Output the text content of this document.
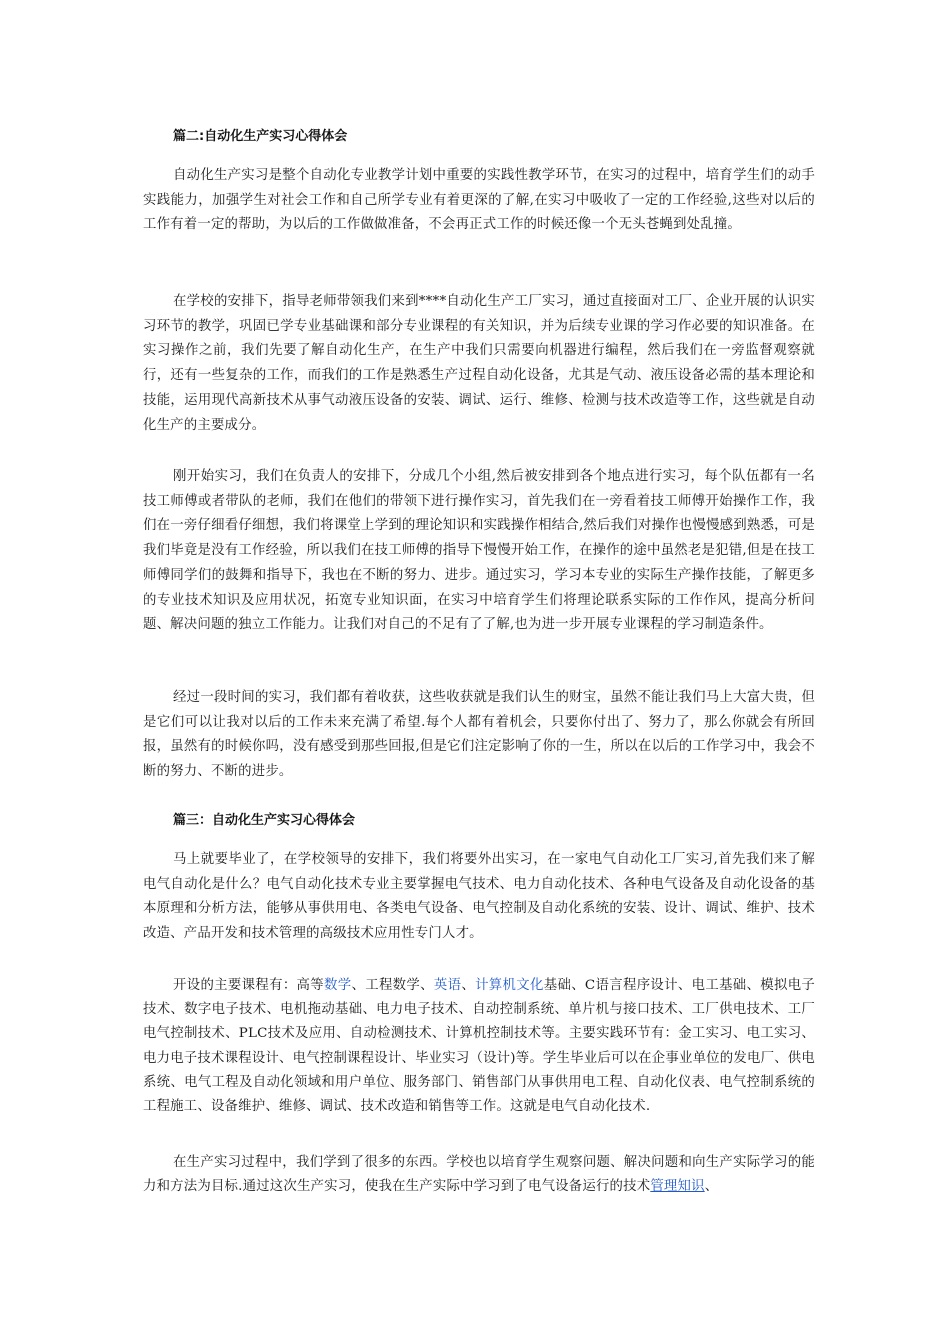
篇二:自动化生产实习心得体会

自动化生产实习是整个自动化专业教学计划中重要的实践性教学环节，在实习的过程中，培育学生们的动手实践能力，加强学生对社会工作和自己所学专业有着更深的了解,在实习中吸收了一定的工作经验,这些对以后的工作有着一定的帮助，为以后的工作做做准备，不会再正式工作的时候还像一个无头苍蝇到处乱撞。

在学校的安排下，指导老师带领我们来到****自动化生产工厂实习，通过直接面对工厂、企业开展的认识实习环节的教学，巩固已学专业基础课和部分专业课程的有关知识，并为后续专业课的学习作必要的知识准备。在实习操作之前，我们先要了解自动化生产，在生产中我们只需要向机器进行编程，然后我们在一旁监督观察就行，还有一些复杂的工作，而我们的工作是熟悉生产过程自动化设备，尤其是气动、液压设备必需的基本理论和技能，运用现代高新技术从事气动液压设备的安装、调试、运行、维修、检测与技术改造等工作，这些就是自动化生产的主要成分。

刚开始实习，我们在负责人的安排下，分成几个小组,然后被安排到各个地点进行实习，每个队伍都有一名技工师傅或者带队的老师，我们在他们的带领下进行操作实习，首先我们在一旁看着技工师傅开始操作工作，我们在一旁仔细看仔细想，我们将课堂上学到的理论知识和实践操作相结合,然后我们对操作也慢慢感到熟悉，可是我们毕竟是没有工作经验，所以我们在技工师傅的指导下慢慢开始工作，在操作的途中虽然老是犯错,但是在技工师傅同学们的鼓舞和指导下，我也在不断的努力、进步。通过实习，学习本专业的实际生产操作技能，了解更多的专业技术知识及应用状况，拓宽专业知识面，在实习中培育学生们将理论联系实际的工作作风，提高分析问题、解决问题的独立工作能力。让我们对自己的不足有了了解,也为进一步开展专业课程的学习制造条件。

经过一段时间的实习，我们都有着收获，这些收获就是我们认生的财宝，虽然不能让我们马上大富大贵，但是它们可以让我对以后的工作未来充满了希望.每个人都有着机会，只要你付出了、努力了，那么你就会有所回报，虽然有的时候你吗，没有感受到那些回报,但是它们注定影响了你的一生，所以在以后的工作学习中，我会不断的努力、不断的进步。

篇三：自动化生产实习心得体会

马上就要毕业了，在学校领导的安排下，我们将要外出实习，在一家电气自动化工厂实习,首先我们来了解电气自动化是什么？电气自动化技术专业主要掌握电气技术、电力自动化技术、各种电气设备及自动化设备的基本原理和分析方法，能够从事供用电、各类电气设备、电气控制及自动化系统的安装、设计、调试、维护、技术改造、产品开发和技术管理的高级技术应用性专门人才。

开设的主要课程有：高等数学、工程数学、英语、计算机文化基础、C语言程序设计、电工基础、模拟电子技术、数字电子技术、电机拖动基础、电力电子技术、自动控制系统、单片机与接口技术、工厂供电技术、工厂电气控制技术、PLC技术及应用、自动检测技术、计算机控制技术等。主要实践环节有：金工实习、电工实习、电力电子技术课程设计、电气控制课程设计、毕业实习（设计)等。学生毕业后可以在企事业单位的发电厂、供电系统、电气工程及自动化领域和用户单位、服务部门、销售部门从事供用电工程、自动化仪表、电气控制系统的工程施工、设备维护、维修、调试、技术改造和销售等工作。这就是电气自动化技术.

在生产实习过程中，我们学到了很多的东西。学校也以培育学生观察问题、解决问题和向生产实际学习的能力和方法为目标.通过这次生产实习，使我在生产实际中学习到了电气设备运行的技术管理知识、
